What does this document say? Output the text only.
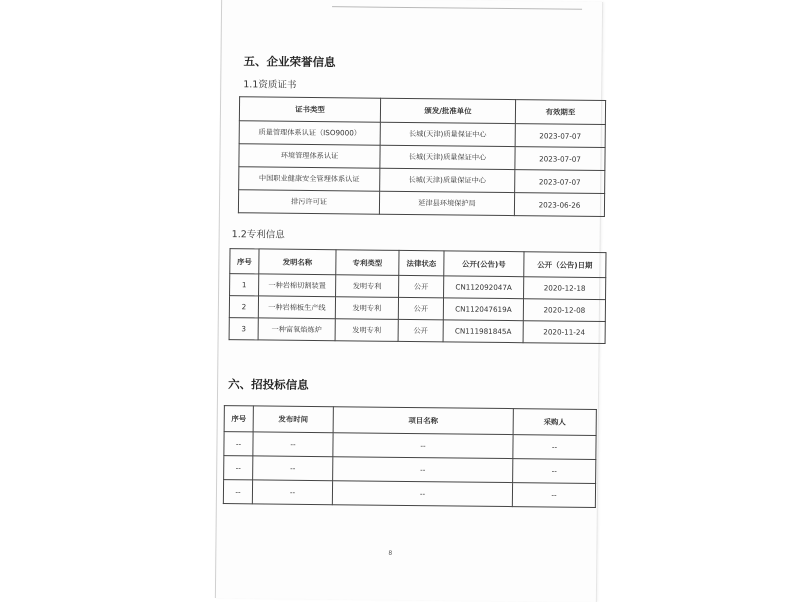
五、企业荣誉信息
1.1资质证书
证书类型	颁发/批准单位	有效期至
质量管理体系认证（ISO9000）	长城(天津)质量保证中心	2023-07-07
环境管理体系认证	长城(天津)质量保证中心	2023-07-07
中国职业健康安全管理体系认证	长城(天津)质量保证中心	2023-07-07
排污许可证	延津县环境保护局	2023-06-26
1.2专利信息
序号	发明名称	专利类型	法律状态	公开(公告)号	公开（公告)日期
1	一种岩棉切割装置	发明专利	公开	CN112092047A	2020-12-18
2	一种岩棉板生产线	发明专利	公开	CN112047619A	2020-12-08
3	一种富氧焰炼炉	发明专利	公开	CN111981845A	2020-11-24
六、招投标信息
序号	发布时间	项目名称	采购人
--	--	--	--
--	--	--	--
--	--	--	--
8
